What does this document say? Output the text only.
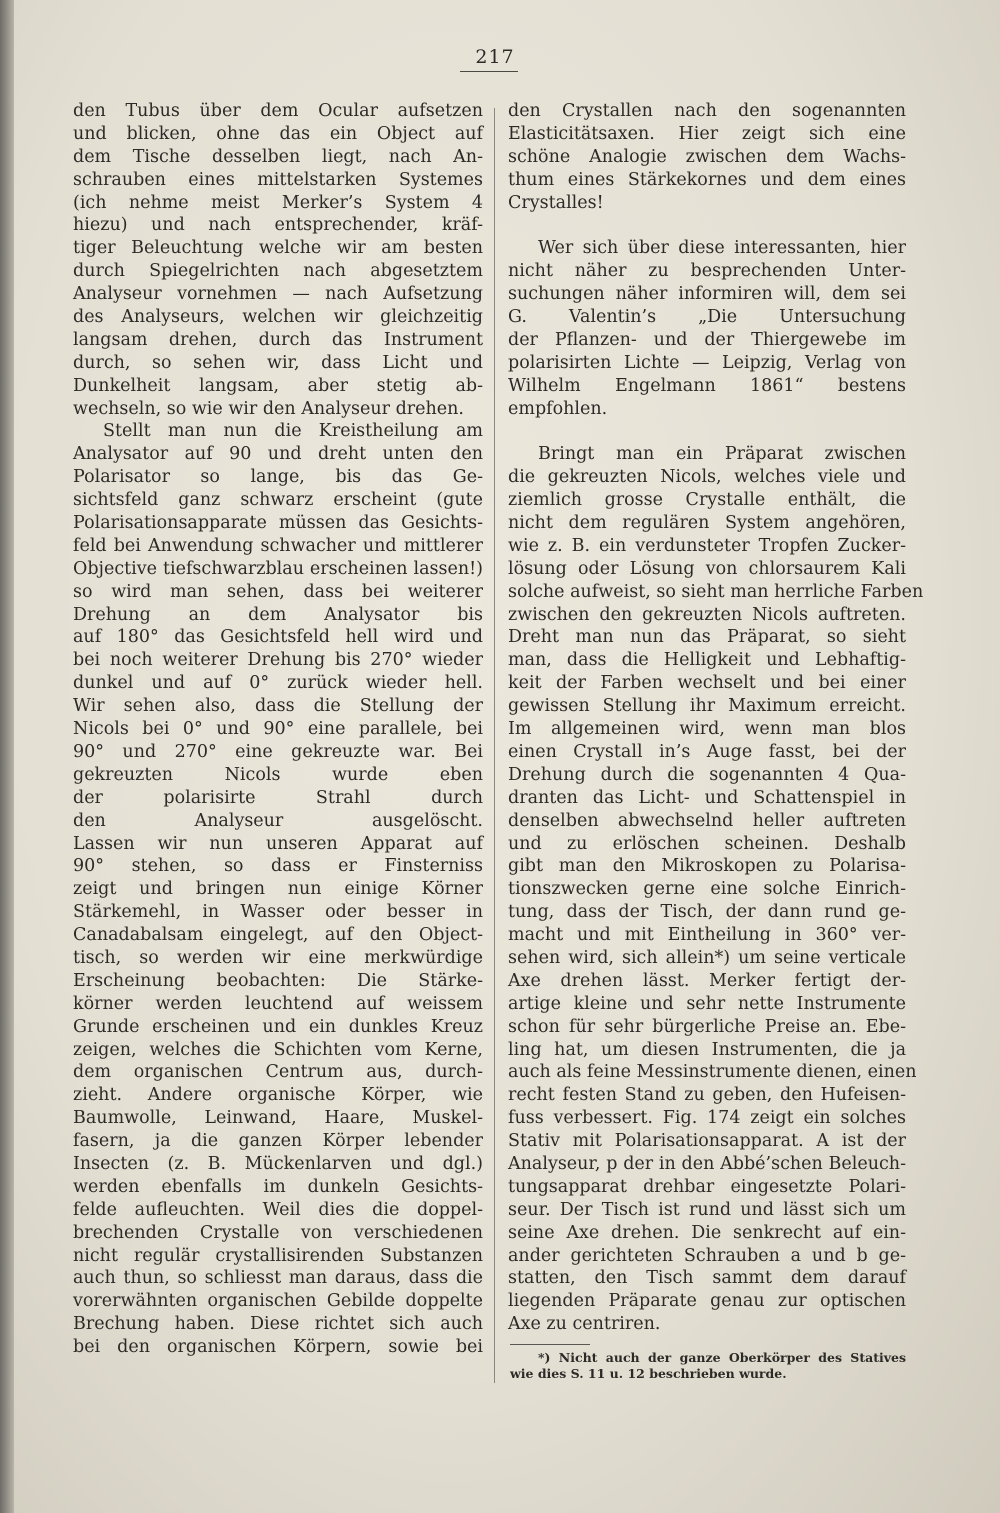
217
den Tubus über dem Ocular aufsetzen
und blicken, ohne das ein Object auf
dem Tische desselben liegt, nach An-
schrauben eines mittelstarken Systemes
(ich nehme meist Merker’s System 4
hiezu) und nach entsprechender, kräf-
tiger Beleuchtung welche wir am besten
durch Spiegelrichten nach abgesetztem
Analyseur vornehmen — nach Aufsetzung
des Analyseurs, welchen wir gleichzeitig
langsam drehen, durch das Instrument
durch, so sehen wir, dass Licht und
Dunkelheit langsam, aber stetig ab-
wechseln, so wie wir den Analyseur drehen.
Stellt man nun die Kreistheilung am
Analysator auf 90 und dreht unten den
Polarisator so lange, bis das Ge-
sichtsfeld ganz schwarz erscheint (gute
Polarisationsapparate müssen das Gesichts-
feld bei Anwendung schwacher und mittlerer
Objective tiefschwarzblau erscheinen lassen!)
so wird man sehen, dass bei weiterer
Drehung an dem Analysator bis
auf 180° das Gesichtsfeld hell wird und
bei noch weiterer Drehung bis 270° wieder
dunkel und auf 0° zurück wieder hell.
Wir sehen also, dass die Stellung der
Nicols bei 0° und 90° eine parallele, bei
90° und 270° eine gekreuzte war. Bei
gekreuzten Nicols wurde eben
der polarisirte Strahl durch
den Analyseur ausgelöscht.
Lassen wir nun unseren Apparat auf
90° stehen, so dass er Finsterniss
zeigt und bringen nun einige Körner
Stärkemehl, in Wasser oder besser in
Canadabalsam eingelegt, auf den Object-
tisch, so werden wir eine merkwürdige
Erscheinung beobachten: Die Stärke-
körner werden leuchtend auf weissem
Grunde erscheinen und ein dunkles Kreuz
zeigen, welches die Schichten vom Kerne,
dem organischen Centrum aus, durch-
zieht. Andere organische Körper, wie
Baumwolle, Leinwand, Haare, Muskel-
fasern, ja die ganzen Körper lebender
Insecten (z. B. Mückenlarven und dgl.)
werden ebenfalls im dunkeln Gesichts-
felde aufleuchten. Weil dies die doppel-
brechenden Crystalle von verschiedenen
nicht regulär crystallisirenden Substanzen
auch thun, so schliesst man daraus, dass die
vorerwähnten organischen Gebilde doppelte
Brechung haben. Diese richtet sich auch
bei den organischen Körpern, sowie bei
den Crystallen nach den sogenannten
Elasticitätsaxen. Hier zeigt sich eine
schöne Analogie zwischen dem Wachs-
thum eines Stärkekornes und dem eines
Crystalles!
Wer sich über diese interessanten, hier
nicht näher zu besprechenden Unter-
suchungen näher informiren will, dem sei
G. Valentin’s „Die Untersuchung
der Pflanzen- und der Thiergewebe im
polarisirten Lichte — Leipzig, Verlag von
Wilhelm Engelmann 1861“ bestens
empfohlen.
Bringt man ein Präparat zwischen
die gekreuzten Nicols, welches viele und
ziemlich grosse Crystalle enthält, die
nicht dem regulären System angehören,
wie z. B. ein verdunsteter Tropfen Zucker-
lösung oder Lösung von chlorsaurem Kali
solche aufweist, so sieht man herrliche Farben
zwischen den gekreuzten Nicols auftreten.
Dreht man nun das Präparat, so sieht
man, dass die Helligkeit und Lebhaftig-
keit der Farben wechselt und bei einer
gewissen Stellung ihr Maximum erreicht.
Im allgemeinen wird, wenn man blos
einen Crystall in’s Auge fasst, bei der
Drehung durch die sogenannten 4 Qua-
dranten das Licht- und Schattenspiel in
denselben abwechselnd heller auftreten
und zu erlöschen scheinen. Deshalb
gibt man den Mikroskopen zu Polarisa-
tionszwecken gerne eine solche Einrich-
tung, dass der Tisch, der dann rund ge-
macht und mit Eintheilung in 360° ver-
sehen wird, sich allein*) um seine verticale
Axe drehen lässt. Merker fertigt der-
artige kleine und sehr nette Instrumente
schon für sehr bürgerliche Preise an. Ebe-
ling hat, um diesen Instrumenten, die ja
auch als feine Messinstrumente dienen, einen
recht festen Stand zu geben, den Hufeisen-
fuss verbessert. Fig. 174 zeigt ein solches
Stativ mit Polarisationsapparat. A ist der
Analyseur, p der in den Abbé’schen Beleuch-
tungsapparat drehbar eingesetzte Polari-
seur. Der Tisch ist rund und lässt sich um
seine Axe drehen. Die senkrecht auf ein-
ander gerichteten Schrauben a und b ge-
statten, den Tisch sammt dem darauf
liegenden Präparate genau zur optischen
Axe zu centriren.
*) Nicht auch der ganze Oberkörper des Statives
wie dies S. 11 u. 12 beschrieben wurde.
